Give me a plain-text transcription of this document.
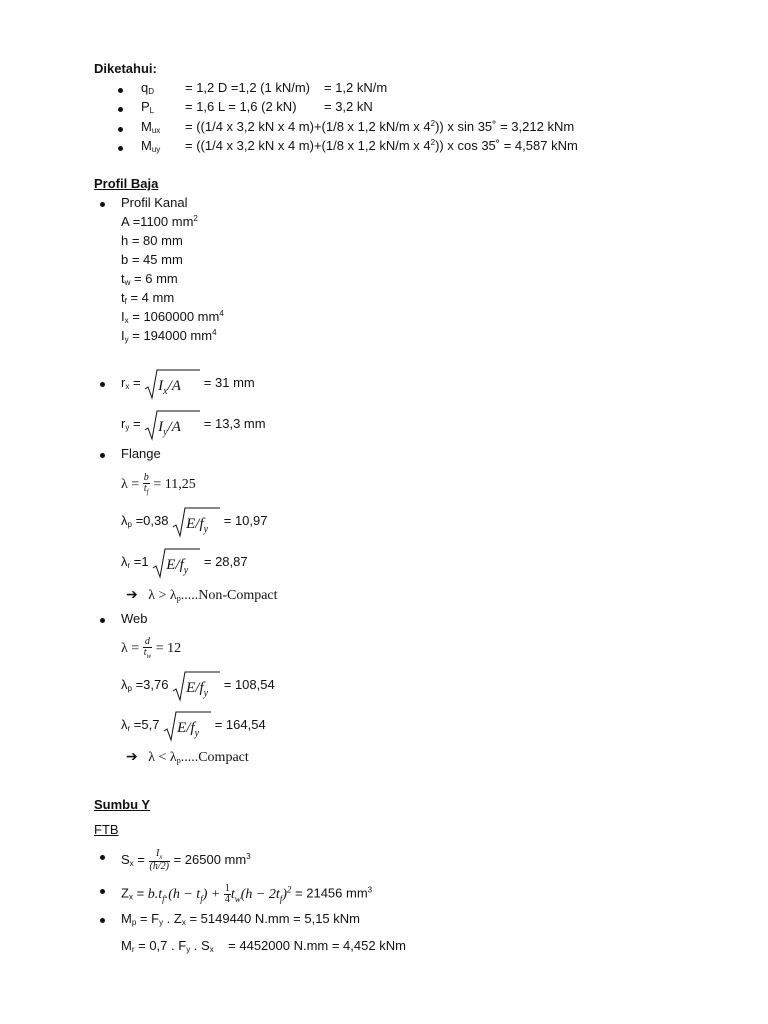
Diketahui:
$q_D = 1,2$ D =1,2 (1 kN/m) = 1,2 kN/m
$P_L = 1,6$ L = 1,6 (2 kN) = 3,2 kN
$M_{ux} = ((1/4$ x 3,2 kN x 4 m)+(1/8 x 1,2 kN/m x $4^2$)) x sin 35˚ = 3,212 kNm
$M_{uy} = ((1/4$ x 3,2 kN x 4 m)+(1/8 x 1,2 kN/m x $4^2$)) x cos 35˚ = 4,587 kNm
Profil Baja
Profil Kanal
A =1100 $mm^2$
h = 80 mm
b = 45 mm
$t_w = 6$ mm
$t_f = 4$ mm
$I_x = 1060000$ $mm^4$
$I_y = 194000$ $mm^4$
$r_x = I_x/A = 31$ mm
$r_y = I_y/A = 13,3$ mm
Flange
$\lambda = \frac{b}{t_f} = 11,25$
$\lambda_p =0,38$ $E/f_y$
= 10,97
$\lambda_r =1$ $E/f_y$
= 28,87
➔ $\lambda > \lambda_p.....Non$-Compact
Web
$\lambda = \frac{d}{t_w} = 12$
$\lambda_p =3,76$ $E/f_y$
= 108,54
$\lambda_r =5,7$ $E/f_y$
= 164,54
➔ $\lambda < \lambda_p.....Compact$
Sumbu Y
FTB
$S_x = \frac{I_x}{(h/2)} = 26500$ $mm^3$
$Z_x = b.t_f.(h - t_f) + \frac{1}{4} t_w(h - 2t_f)^2 = 21456$ $mm^3$
$M_p = F_y$ . $Z_x = 5149440$ N.mm = 5,15 kNm
$M_r = 0,7$ . $F_y$ . $S_x$    = 4452000 N.mm = 4,452 kNm
